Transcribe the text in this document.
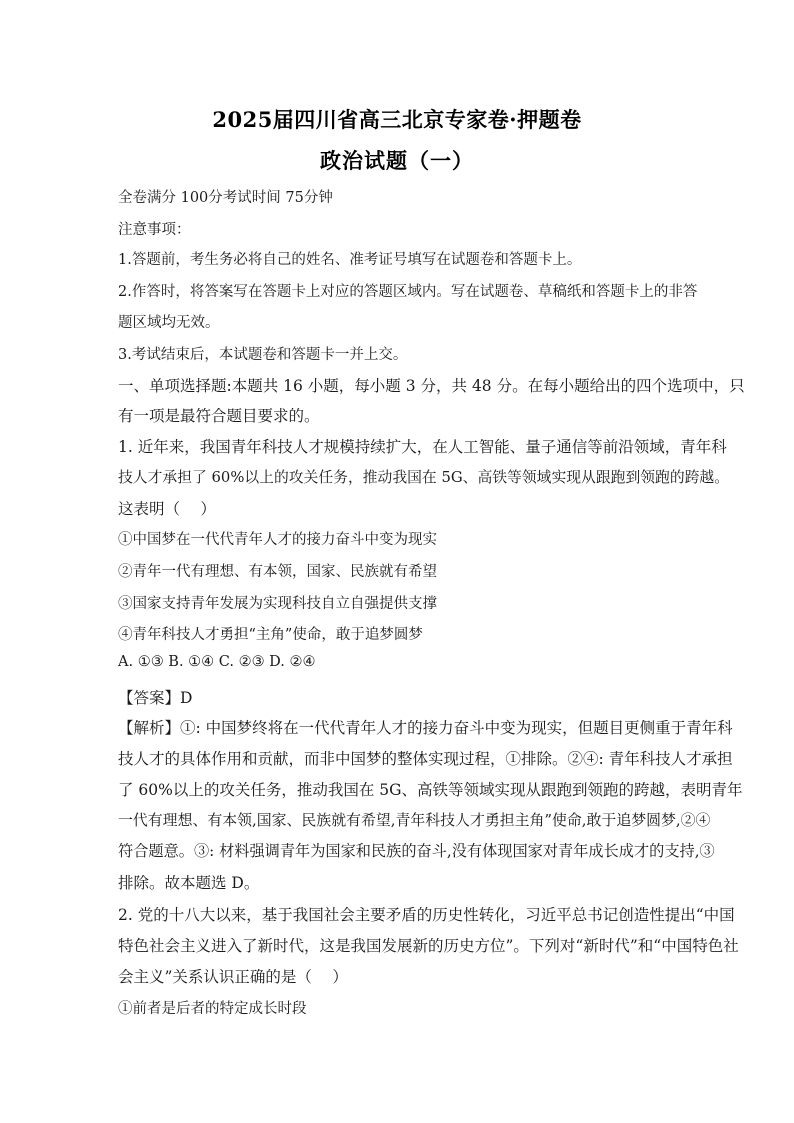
2025届四川省高三北京专家卷·押题卷
政治试题（一）
全卷满分 100分考试时间 75分钟
注意事项：
1.答题前，考生务必将自己的姓名、准考证号填写在试题卷和答题卡上。
2.作答时，将答案写在答题卡上对应的答题区域内。写在试题卷、草稿纸和答题卡上的非答
题区域均无效。
3.考试结束后，本试题卷和答题卡一并上交。
一、单项选择题:本题共 16 小题，每小题 3 分，共 48 分。在每小题给出的四个选项中，只
有一项是最符合题目要求的。
1. 近年来，我国青年科技人才规模持续扩大，在人工智能、量子通信等前沿领域，青年科
技人才承担了 60%以上的攻关任务，推动我国在 5G、高铁等领域实现从跟跑到领跑的跨越。
这表明（　 ）
①中国梦在一代代青年人才的接力奋斗中变为现实
②青年一代有理想、有本领，国家、民族就有希望
③国家支持青年发展为实现科技自立自强提供支撑
④青年科技人才勇担“主角”使命，敢于追梦圆梦
A. ①③ B. ①④ C. ②③ D. ②④
【答案】D
【解析】①: 中国梦终将在一代代青年人才的接力奋斗中变为现实，但题目更侧重于青年科
技人才的具体作用和贡献，而非中国梦的整体实现过程，①排除。②④: 青年科技人才承担
了 60%以上的攻关任务，推动我国在 5G、高铁等领域实现从跟跑到领跑的跨越，表明青年
一代有理想、有本领,国家、民族就有希望,青年科技人才勇担主角”使命,敢于追梦圆梦,②④
符合题意。③: 材料强调青年为国家和民族的奋斗,没有体现国家对青年成长成才的支持,③
排除。故本题选 D。
2. 党的十八大以来，基于我国社会主要矛盾的历史性转化，习近平总书记创造性提出“中国
特色社会主义进入了新时代，这是我国发展新的历史方位”。下列对“新时代”和“中国特色社
会主义”关系认识正确的是（　 ）
①前者是后者的特定成长时段
